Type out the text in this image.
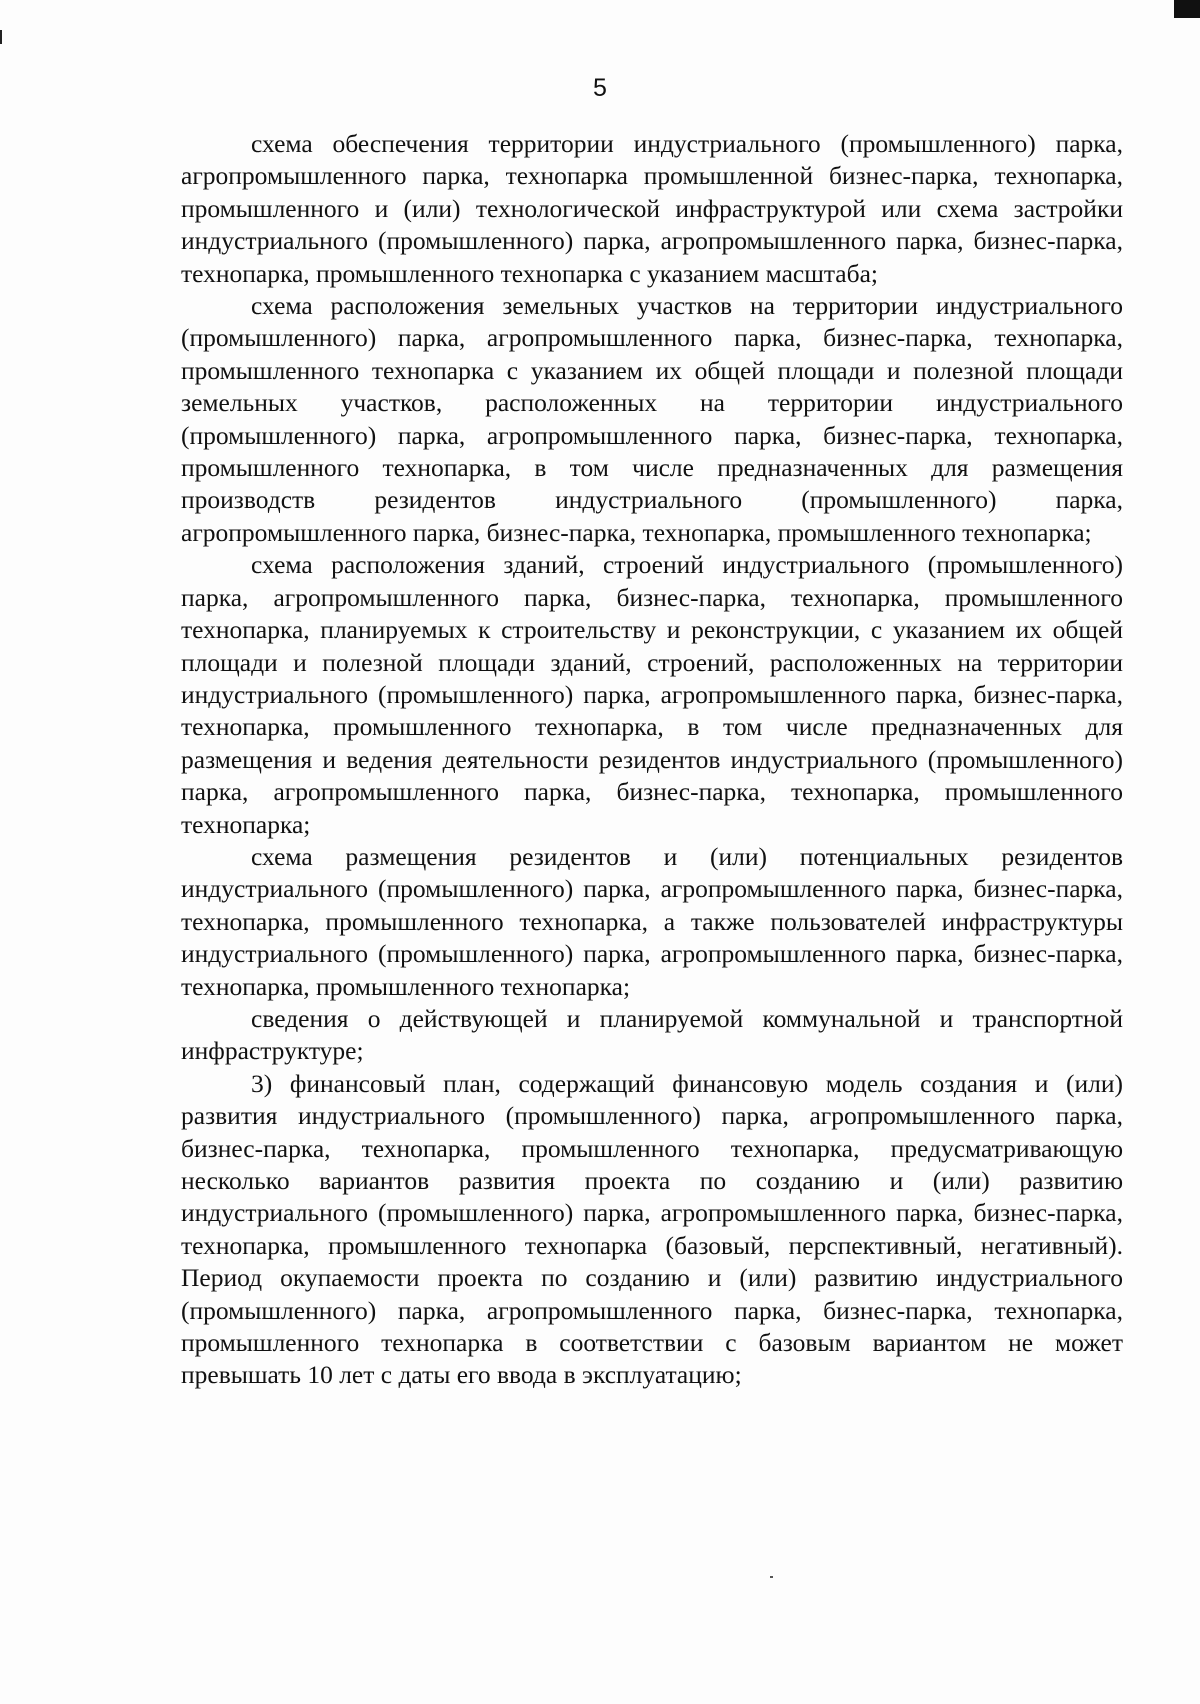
5

схема обеспечения территории индустриального (промышленного) парка, агропромышленного парка, технопарка промышленной бизнес-парка, технопарка, промышленного и (или) технологической инфраструктурой или схема застройки индустриального (промышленного) парка, агропромышленного парка, бизнес-парка, технопарка, промышленного технопарка с указанием масштаба;

схема расположения земельных участков на территории индустриального (промышленного) парка, агропромышленного парка, бизнес-парка, технопарка, промышленного технопарка с указанием их общей площади и полезной площади земельных участков, расположенных на территории индустриального (промышленного) парка, агропромышленного парка, бизнес-парка, технопарка, промышленного технопарка, в том числе предназначенных для размещения производств резидентов индустриального (промышленного) парка, агропромышленного парка, бизнес-парка, технопарка, промышленного технопарка;

схема расположения зданий, строений индустриального (промышленного) парка, агропромышленного парка, бизнес-парка, технопарка, промышленного технопарка, планируемых к строительству и реконструкции, с указанием их общей площади и полезной площади зданий, строений, расположенных на территории индустриального (промышленного) парка, агропромышленного парка, бизнес-парка, технопарка, промышленного технопарка, в том числе предназначенных для размещения и ведения деятельности резидентов индустриального (промышленного) парка, агропромышленного парка, бизнес-парка, технопарка, промышленного технопарка;

схема размещения резидентов и (или) потенциальных резидентов индустриального (промышленного) парка, агропромышленного парка, бизнес-парка, технопарка, промышленного технопарка, а также пользователей инфраструктуры индустриального (промышленного) парка, агропромышленного парка, бизнес-парка, технопарка, промышленного технопарка;

сведения о действующей и планируемой коммунальной и транспортной инфраструктуре;

3) финансовый план, содержащий финансовую модель создания и (или) развития индустриального (промышленного) парка, агропромышленного парка, бизнес-парка, технопарка, промышленного технопарка, предусматривающую несколько вариантов развития проекта по созданию и (или) развитию индустриального (промышленного) парка, агропромышленного парка, бизнес-парка, технопарка, промышленного технопарка (базовый, перспективный, негативный). Период окупаемости проекта по созданию и (или) развитию индустриального (промышленного) парка, агропромышленного парка, бизнес-парка, технопарка, промышленного технопарка в соответствии с базовым вариантом не может превышать 10 лет с даты его ввода в эксплуатацию;
